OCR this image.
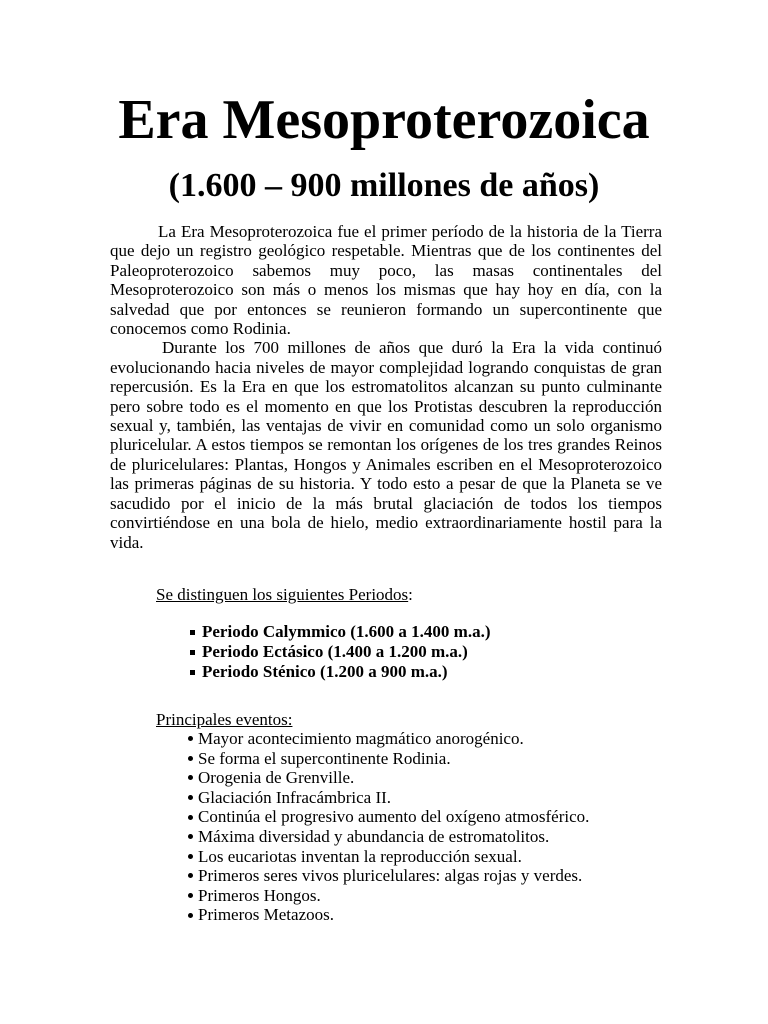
Era Mesoproterozoica
(1.600 – 900 millones de años)

La Era Mesoproterozoica fue el primer período de la historia de la Tierra que dejo un registro geológico respetable. Mientras que de los continentes del Paleoproterozoico sabemos muy poco, las masas continentales del Mesoproterozoico son más o menos los mismas que hay hoy en día, con la salvedad que por entonces se reunieron formando un supercontinente que conocemos como Rodinia.

Durante los 700 millones de años que duró la Era la vida continuó evolucionando hacia niveles de mayor complejidad logrando conquistas de gran repercusión. Es la Era en que los estromatolitos alcanzan su punto culminante pero sobre todo es el momento en que los Protistas descubren la reproducción sexual y, también, las ventajas de vivir en comunidad como un solo organismo pluricelular. A estos tiempos se remontan los orígenes de los tres grandes Reinos de pluricelulares: Plantas, Hongos y Animales escriben en el Mesoproterozoico las primeras páginas de su historia. Y todo esto a pesar de que la Planeta se ve sacudido por el inicio de la más brutal glaciación de todos los tiempos convirtiéndose en una bola de hielo, medio extraordinariamente hostil para la vida.

Se distinguen los siguientes Periodos:
Periodo Calymmico (1.600 a 1.400 m.a.)
Periodo Ectásico (1.400 a 1.200 m.a.)
Periodo Sténico (1.200 a 900 m.a.)
Principales eventos:
Mayor acontecimiento magmático anorogénico.
Se forma el supercontinente Rodinia.
Orogenia de Grenville.
Glaciación Infracámbrica II.
Continúa el progresivo aumento del oxígeno atmosférico.
Máxima diversidad y abundancia de estromatolitos.
Los eucariotas inventan la reproducción sexual.
Primeros seres vivos pluricelulares: algas rojas y verdes.
Primeros Hongos.
Primeros Metazoos.
